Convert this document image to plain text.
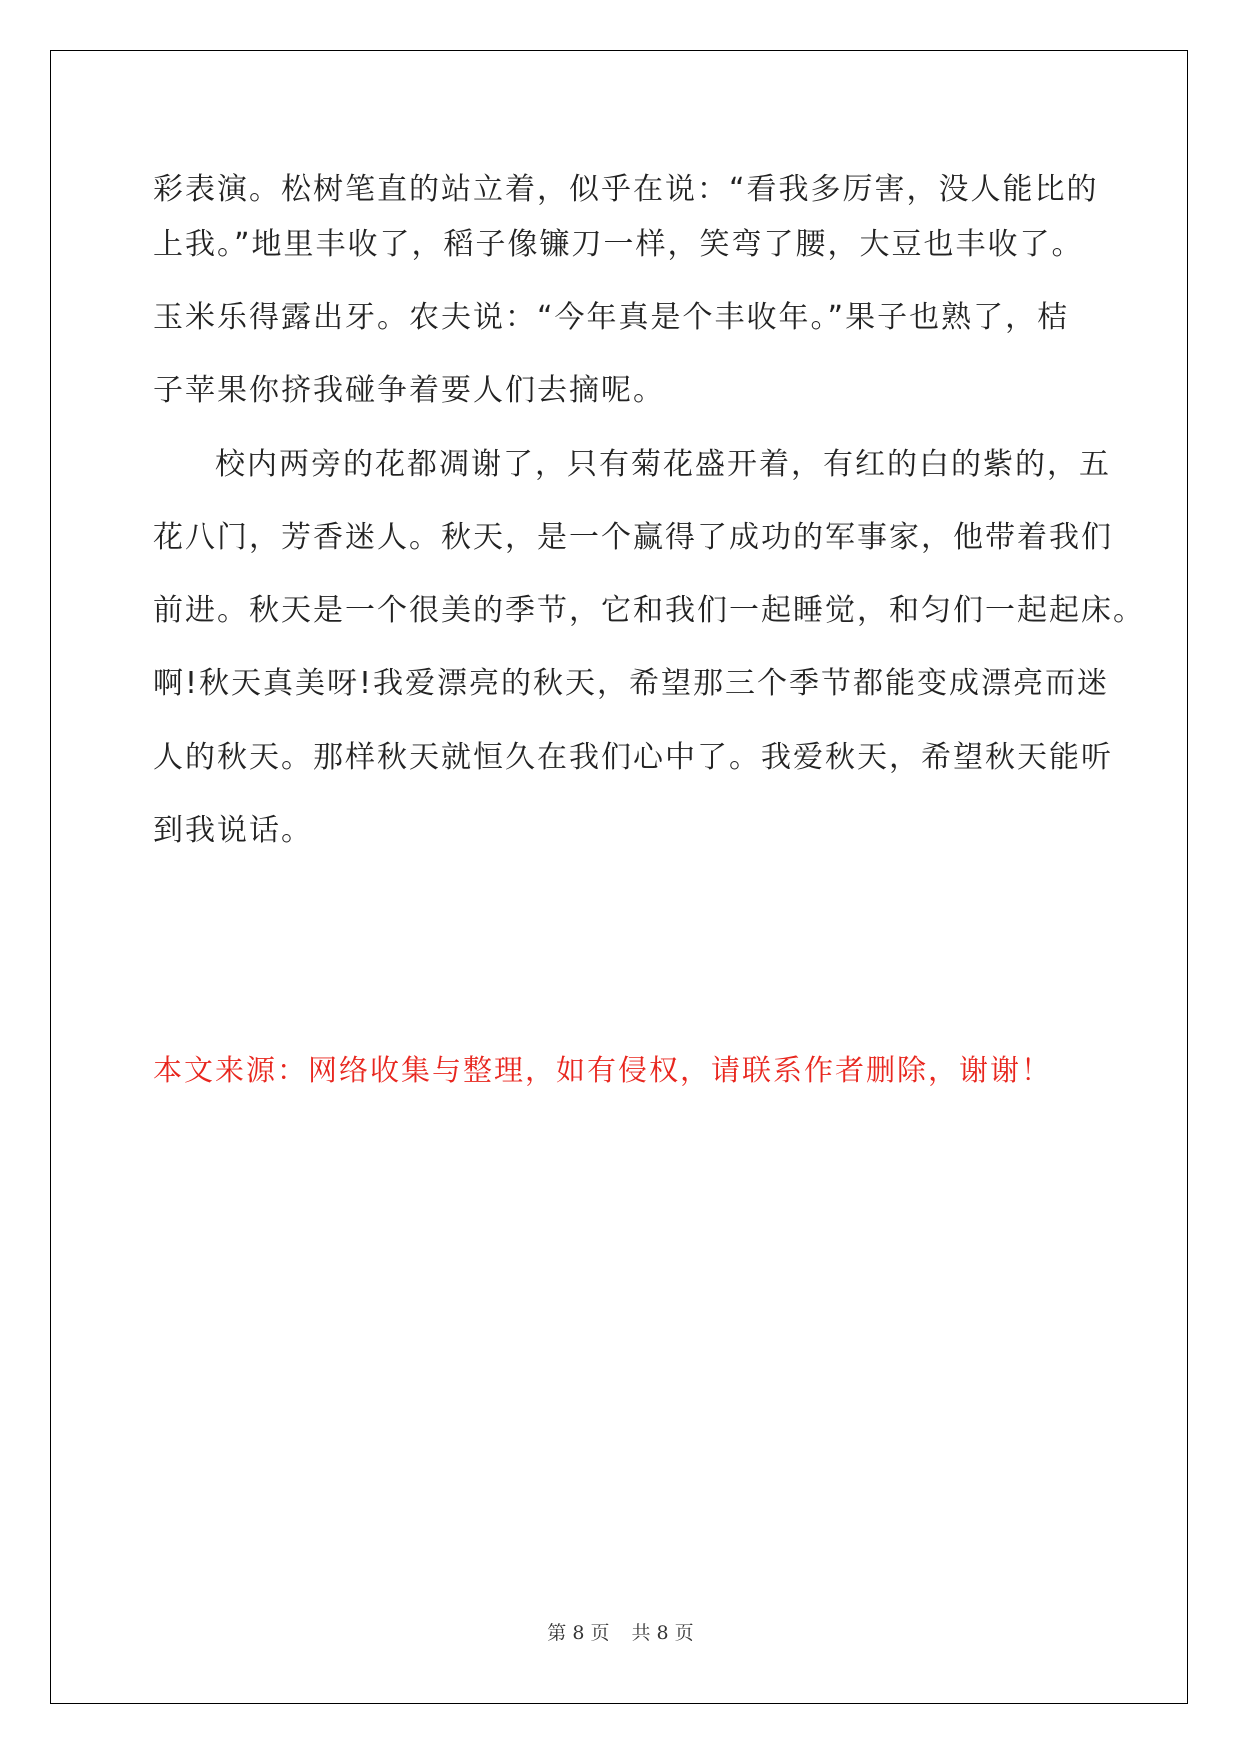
彩表演。松树笔直的站立着，似乎在说：“看我多厉害，没人能比的
上我。”地里丰收了，稻子像镰刀一样，笑弯了腰，大豆也丰收了。
玉米乐得露出牙。农夫说：“今年真是个丰收年。”果子也熟了，桔
子苹果你挤我碰争着要人们去摘呢。
校内两旁的花都凋谢了，只有菊花盛开着，有红的白的紫的，五
花八门，芳香迷人。秋天，是一个赢得了成功的军事家，他带着我们
前进。秋天是一个很美的季节，它和我们一起睡觉，和匀们一起起床。
啊!秋天真美呀!我爱漂亮的秋天，希望那三个季节都能变成漂亮而迷
人的秋天。那样秋天就恒久在我们心中了。我爱秋天，希望秋天能听
到我说话。
本文来源：网络收集与整理，如有侵权，请联系作者删除，谢谢！
第 8 页 共 8 页
